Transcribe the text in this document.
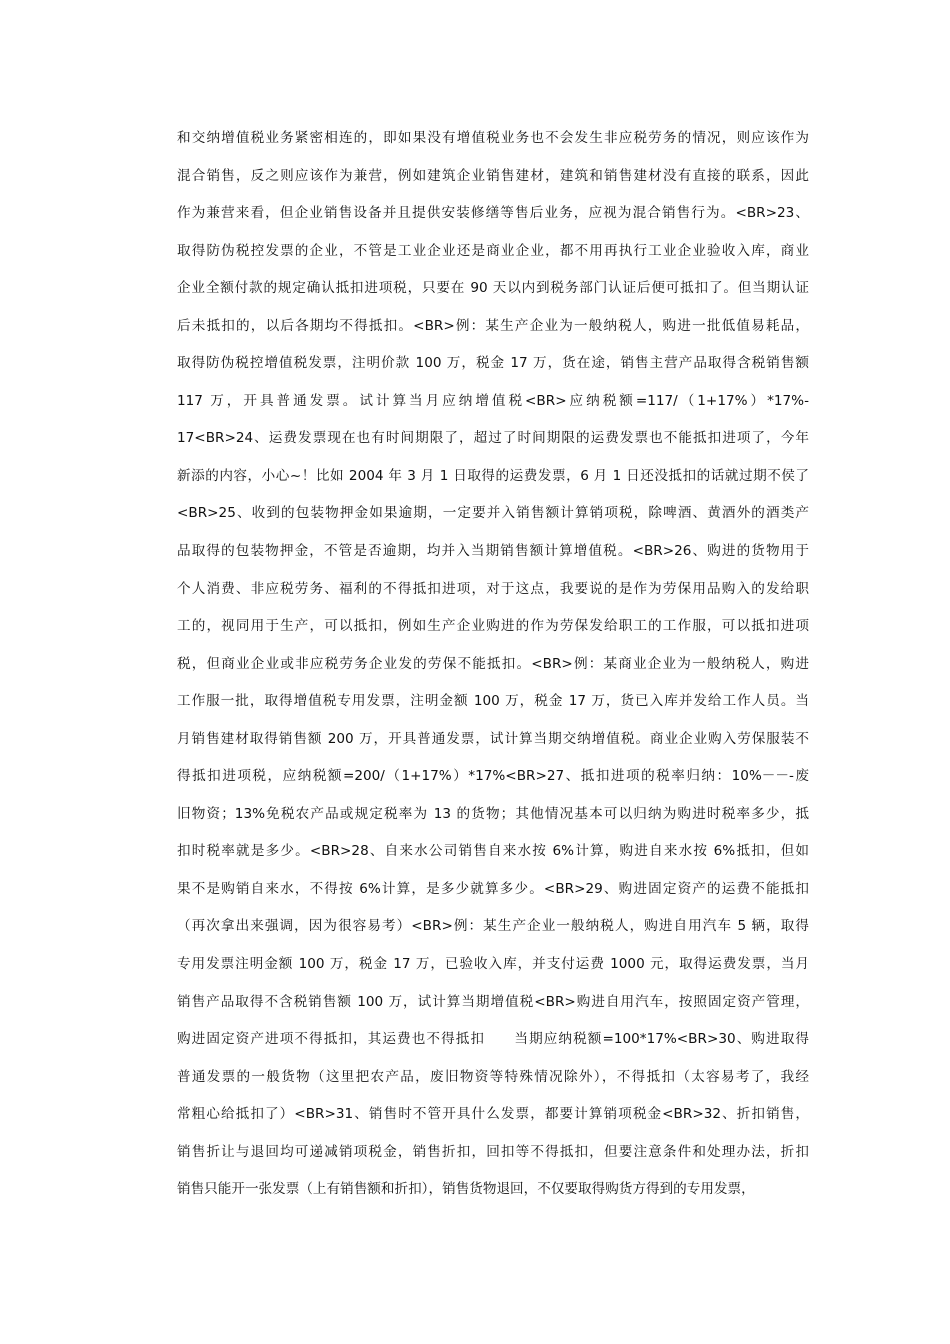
和交纳增值税业务紧密相连的，即如果没有增值税业务也不会发生非应税劳务的情况，则应该作为
混合销售，反之则应该作为兼营，例如建筑企业销售建材，建筑和销售建材没有直接的联系，因此
作为兼营来看，但企业销售设备并且提供安装修缮等售后业务，应视为混合销售行为。<BR>23、
取得防伪税控发票的企业，不管是工业企业还是商业企业，都不用再执行工业企业验收入库，商业
企业全额付款的规定确认抵扣进项税，只要在 90 天以内到税务部门认证后便可抵扣了。但当期认证
后未抵扣的，以后各期均不得抵扣。<BR>例：某生产企业为一般纳税人，购进一批低值易耗品，
取得防伪税控增值税发票，注明价款 100 万，税金 17 万，货在途，销售主营产品取得含税销售额
117 万，开具普通发票。试计算当月应纳增值税<BR>应纳税额=117/（1+17%）*17%-
17<BR>24、运费发票现在也有时间期限了，超过了时间期限的运费发票也不能抵扣进项了，今年
新添的内容，小心~！比如 2004 年 3 月 1 日取得的运费发票，6 月 1 日还没抵扣的话就过期不侯了
<BR>25、收到的包装物押金如果逾期，一定要并入销售额计算销项税，除啤酒、黄酒外的酒类产
品取得的包装物押金，不管是否逾期，均并入当期销售额计算增值税。<BR>26、购进的货物用于
个人消费、非应税劳务、福利的不得抵扣进项，对于这点，我要说的是作为劳保用品购入的发给职
工的，视同用于生产，可以抵扣，例如生产企业购进的作为劳保发给职工的工作服，可以抵扣进项
税，但商业企业或非应税劳务企业发的劳保不能抵扣。<BR>例：某商业企业为一般纳税人，购进
工作服一批，取得增值税专用发票，注明金额 100 万，税金 17 万，货已入库并发给工作人员。当
月销售建材取得销售额 200 万，开具普通发票，试计算当期交纳增值税。商业企业购入劳保服装不
得抵扣进项税，应纳税额=200/（1+17%）*17%<BR>27、抵扣进项的税率归纳：10%－－-废
旧物资；13%免税农产品或规定税率为 13 的货物；其他情况基本可以归纳为购进时税率多少，抵
扣时税率就是多少。<BR>28、自来水公司销售自来水按 6%计算，购进自来水按 6%抵扣，但如
果不是购销自来水，不得按 6%计算，是多少就算多少。<BR>29、购进固定资产的运费不能抵扣
（再次拿出来强调，因为很容易考）<BR>例：某生产企业一般纳税人，购进自用汽车 5 辆，取得
专用发票注明金额 100 万，税金 17 万，已验收入库，并支付运费 1000 元，取得运费发票，当月
销售产品取得不含税销售额 100 万，试计算当期增值税<BR>购进自用汽车，按照固定资产管理，
购进固定资产进项不得抵扣，其运费也不得抵扣　　当期应纳税额=100*17%<BR>30、购进取得
普通发票的一般货物（这里把农产品，废旧物资等特殊情况除外），不得抵扣（太容易考了，我经
常粗心给抵扣了）<BR>31、销售时不管开具什么发票，都要计算销项税金<BR>32、折扣销售，
销售折让与退回均可递减销项税金，销售折扣，回扣等不得抵扣，但要注意条件和处理办法，折扣
销售只能开一张发票（上有销售额和折扣），销售货物退回，不仅要取得购货方得到的专用发票，
